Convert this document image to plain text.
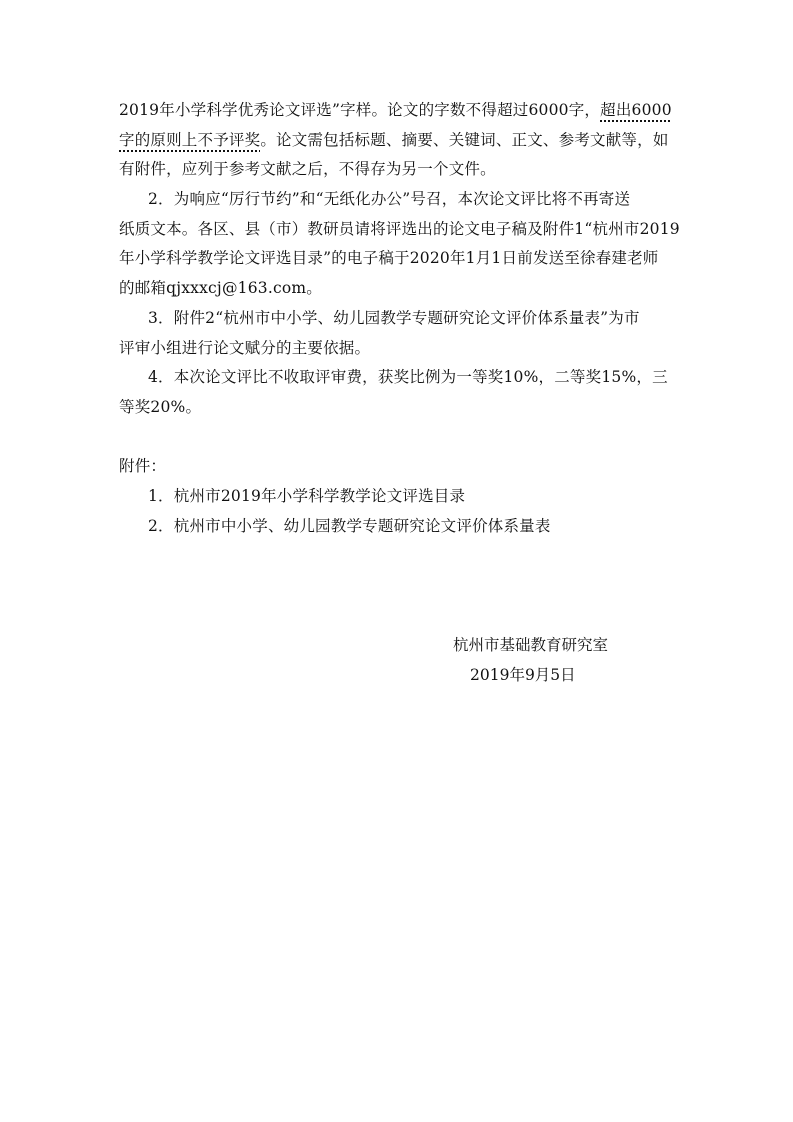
2019年小学科学优秀论文评选”字样。论文的字数不得超过6000字，超出6000
字的原则上不予评奖。论文需包括标题、摘要、关键词、正文、参考文献等，如
有附件，应列于参考文献之后，不得存为另一个文件。
2．为响应“厉行节约”和“无纸化办公”号召，本次论文评比将不再寄送
纸质文本。各区、县（市）教研员请将评选出的论文电子稿及附件1“杭州市2019
年小学科学教学论文评选目录”的电子稿于2020年1月1日前发送至徐春建老师
的邮箱qjxxxcj@163.com。
3．附件2“杭州市中小学、幼儿园教学专题研究论文评价体系量表”为市
评审小组进行论文赋分的主要依据。
4．本次论文评比不收取评审费，获奖比例为一等奖10%，二等奖15%，三
等奖20%。
附件：
1．杭州市2019年小学科学教学论文评选目录
2．杭州市中小学、幼儿园教学专题研究论文评价体系量表
杭州市基础教育研究室
2019年9月5日
